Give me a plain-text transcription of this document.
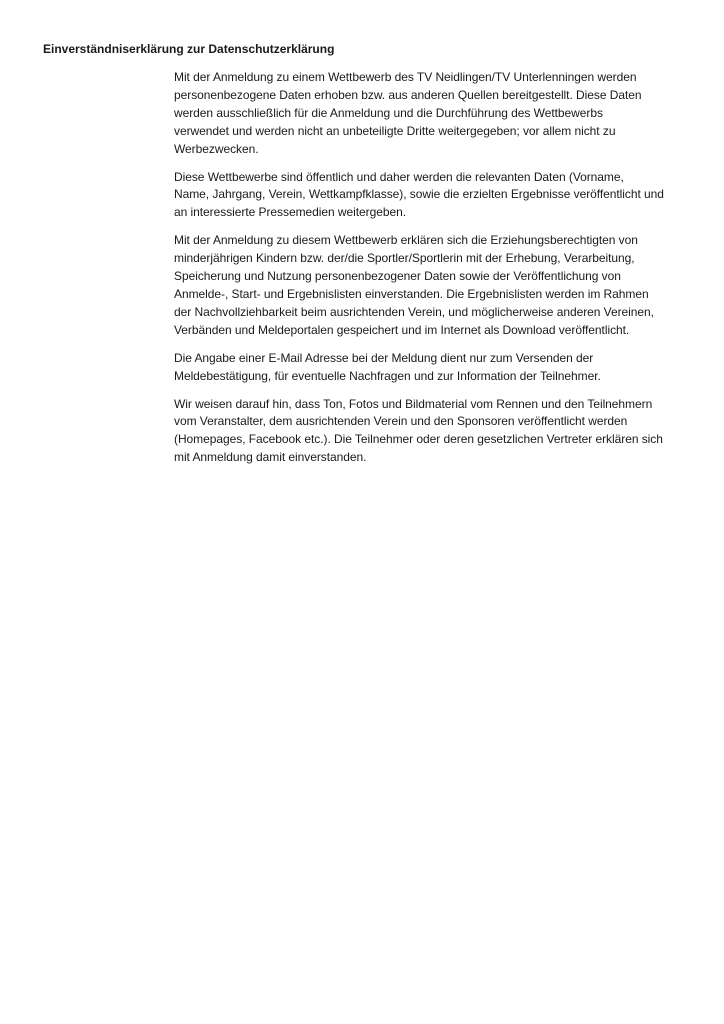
Einverständniserklärung zur Datenschutzerklärung

Mit der Anmeldung zu einem Wettbewerb des TV Neidlingen/TV Unterlenningen werden
personenbezogene Daten erhoben bzw. aus anderen Quellen bereitgestellt. Diese Daten
werden ausschließlich für die Anmeldung und die Durchführung des Wettbewerbs
verwendet und werden nicht an unbeteiligte Dritte weitergegeben; vor allem nicht zu
Werbezwecken.

Diese Wettbewerbe sind öffentlich und daher werden die relevanten Daten (Vorname,
Name, Jahrgang, Verein, Wettkampfklasse), sowie die erzielten Ergebnisse veröffentlicht und
an interessierte Pressemedien weitergeben.

Mit der Anmeldung zu diesem Wettbewerb erklären sich die Erziehungsberechtigten von
minderjährigen Kindern bzw. der/die Sportler/Sportlerin mit der Erhebung, Verarbeitung,
Speicherung und Nutzung personenbezogener Daten sowie der Veröffentlichung von
Anmelde-, Start- und Ergebnislisten einverstanden. Die Ergebnislisten werden im Rahmen
der Nachvollziehbarkeit beim ausrichtenden Verein, und möglicherweise anderen Vereinen,
Verbänden und Meldeportalen gespeichert und im Internet als Download veröffentlicht.

Die Angabe einer E-Mail Adresse bei der Meldung dient nur zum Versenden der
Meldebestätigung, für eventuelle Nachfragen und zur Information der Teilnehmer.

Wir weisen darauf hin, dass Ton, Fotos und Bildmaterial vom Rennen und den Teilnehmern
vom Veranstalter, dem ausrichtenden Verein und den Sponsoren veröffentlicht werden
(Homepages, Facebook etc.). Die Teilnehmer oder deren gesetzlichen Vertreter erklären sich
mit Anmeldung damit einverstanden.
